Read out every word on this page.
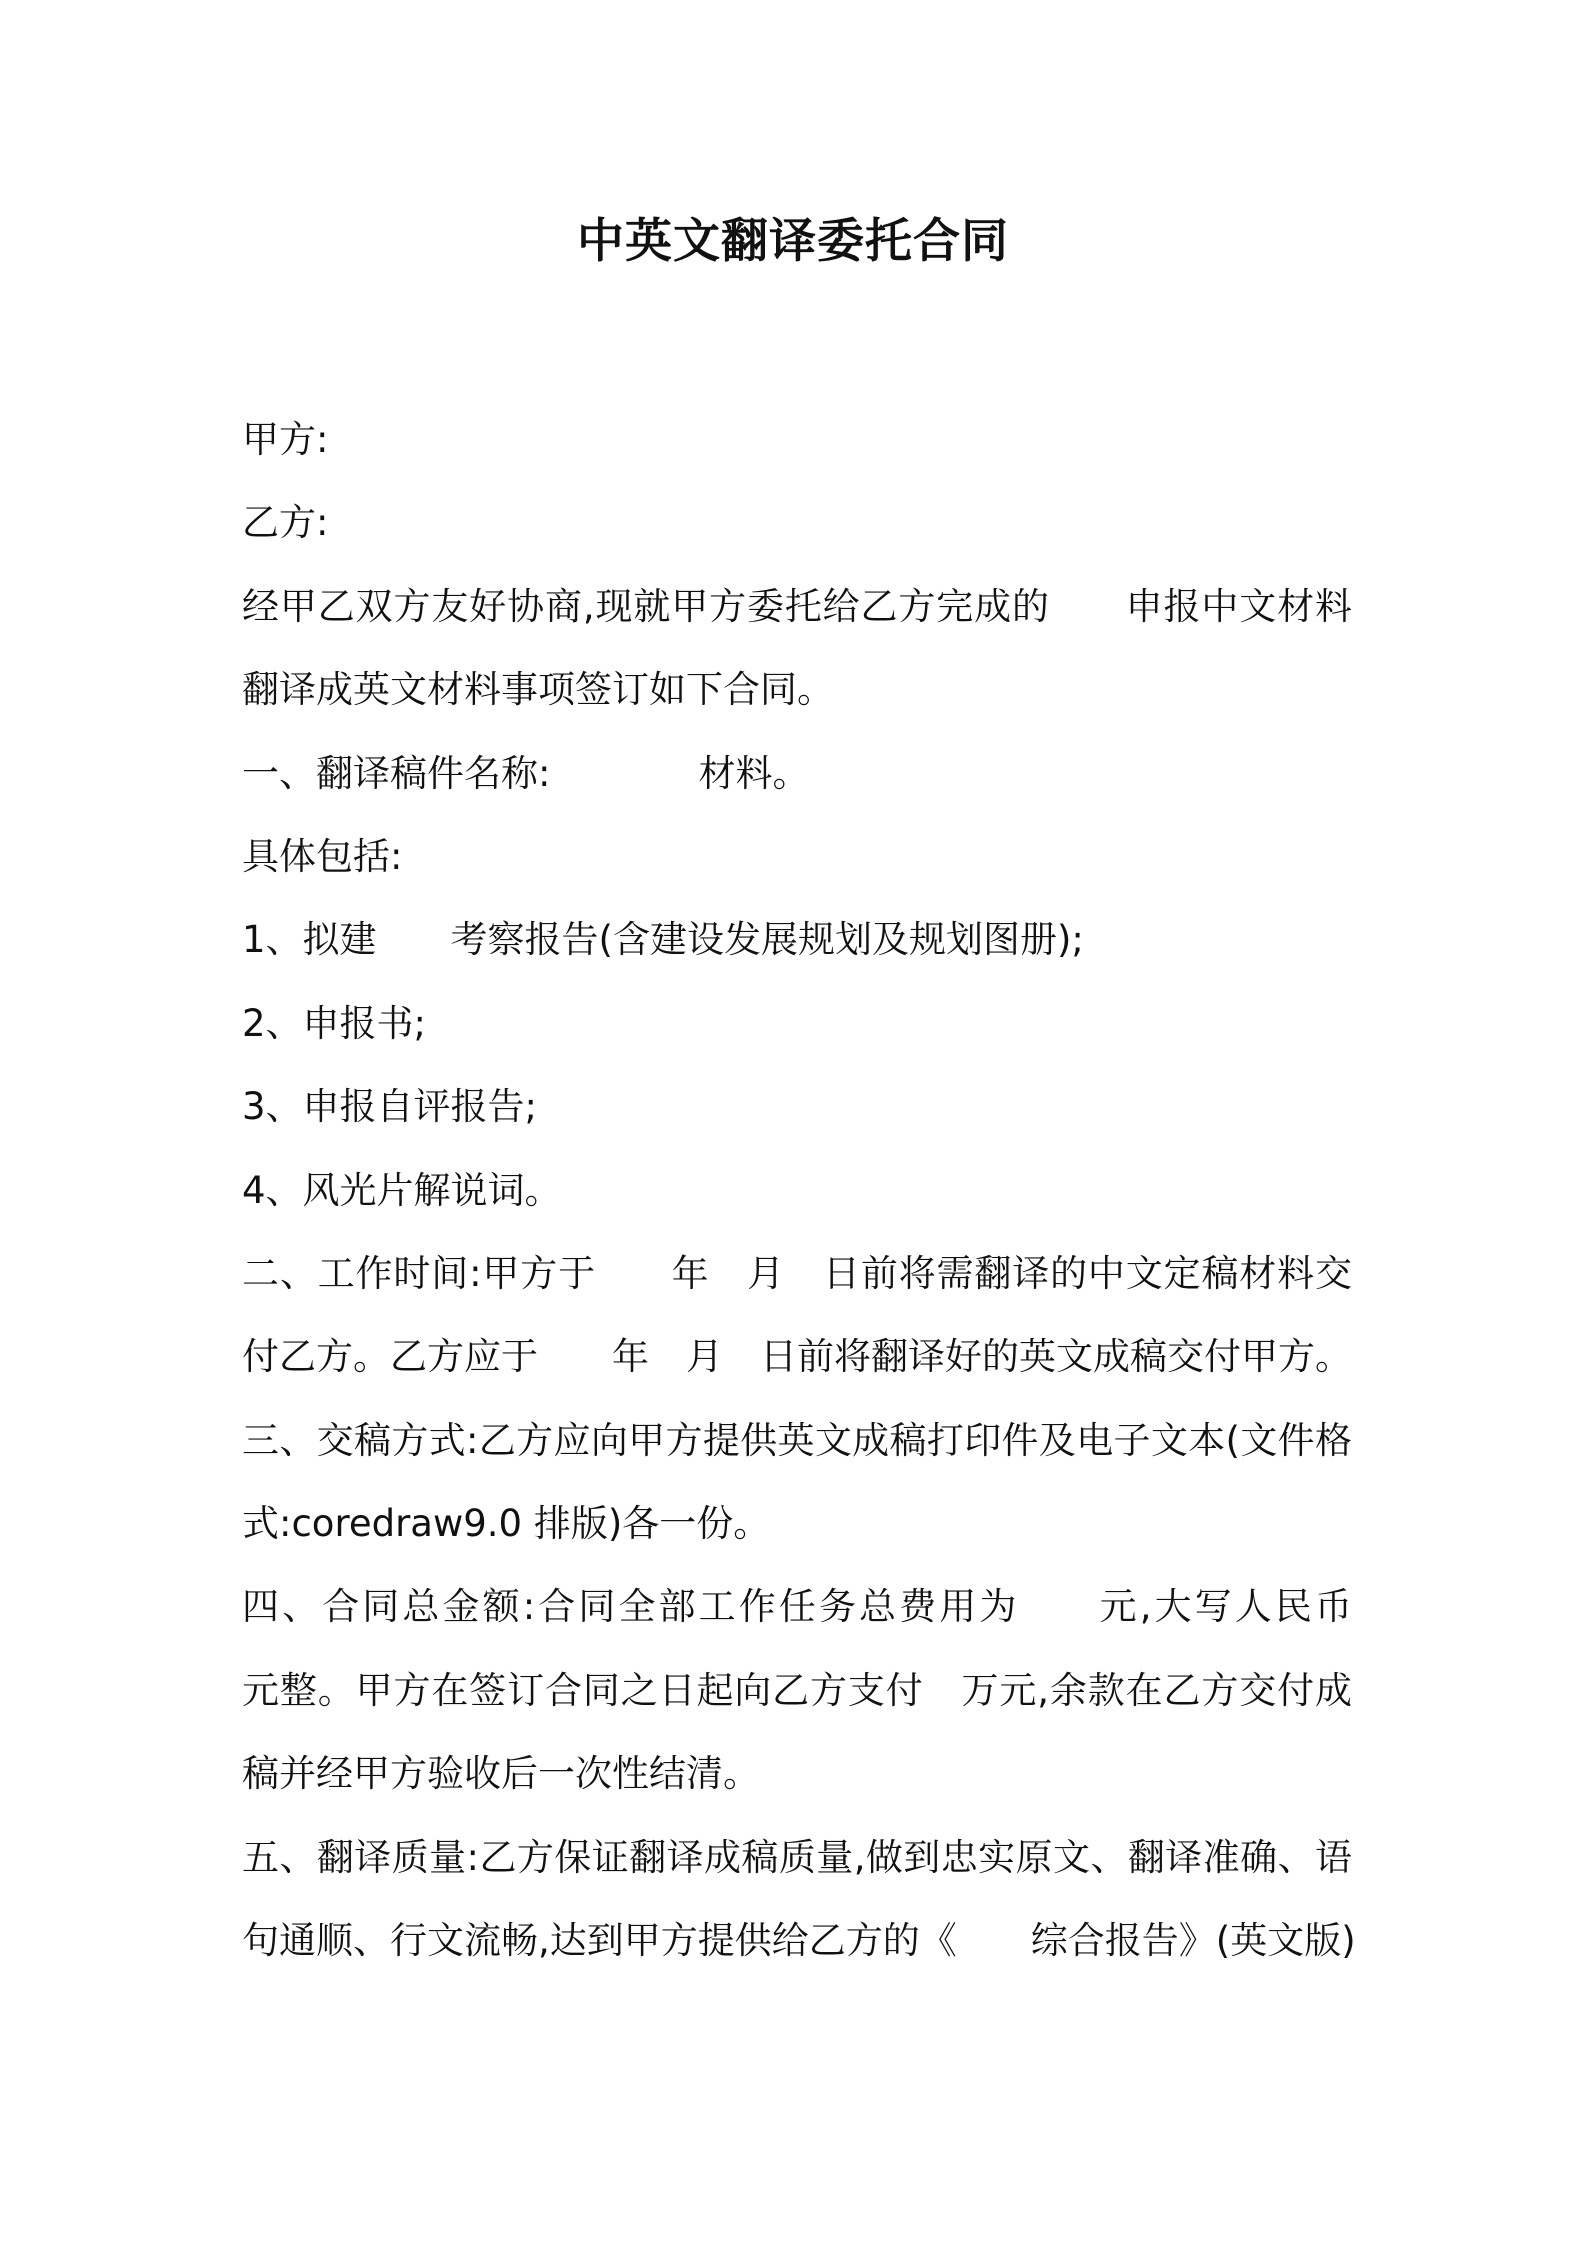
中英文翻译委托合同
甲方:
乙方:
经甲乙双方友好协商,现就甲方委托给乙方完成的　　申报中文材料
翻译成英文材料事项签订如下合同。
一、翻译稿件名称:　　　　材料。
具体包括:
1、拟建　　考察报告(含建设发展规划及规划图册);
2、申报书;
3、申报自评报告;
4、风光片解说词。
二、工作时间:甲方于　　年　月　日前将需翻译的中文定稿材料交
付乙方。乙方应于　　年　月　日前将翻译好的英文成稿交付甲方。
三、交稿方式:乙方应向甲方提供英文成稿打印件及电子文本(文件格
式:coredraw9.0 排版)各一份。
四、合同总金额:合同全部工作任务总费用为　　元,大写人民币
元整。甲方在签订合同之日起向乙方支付　万元,余款在乙方交付成
稿并经甲方验收后一次性结清。
五、翻译质量:乙方保证翻译成稿质量,做到忠实原文、翻译准确、语
句通顺、行文流畅,达到甲方提供给乙方的《　　综合报告》(英文版)
